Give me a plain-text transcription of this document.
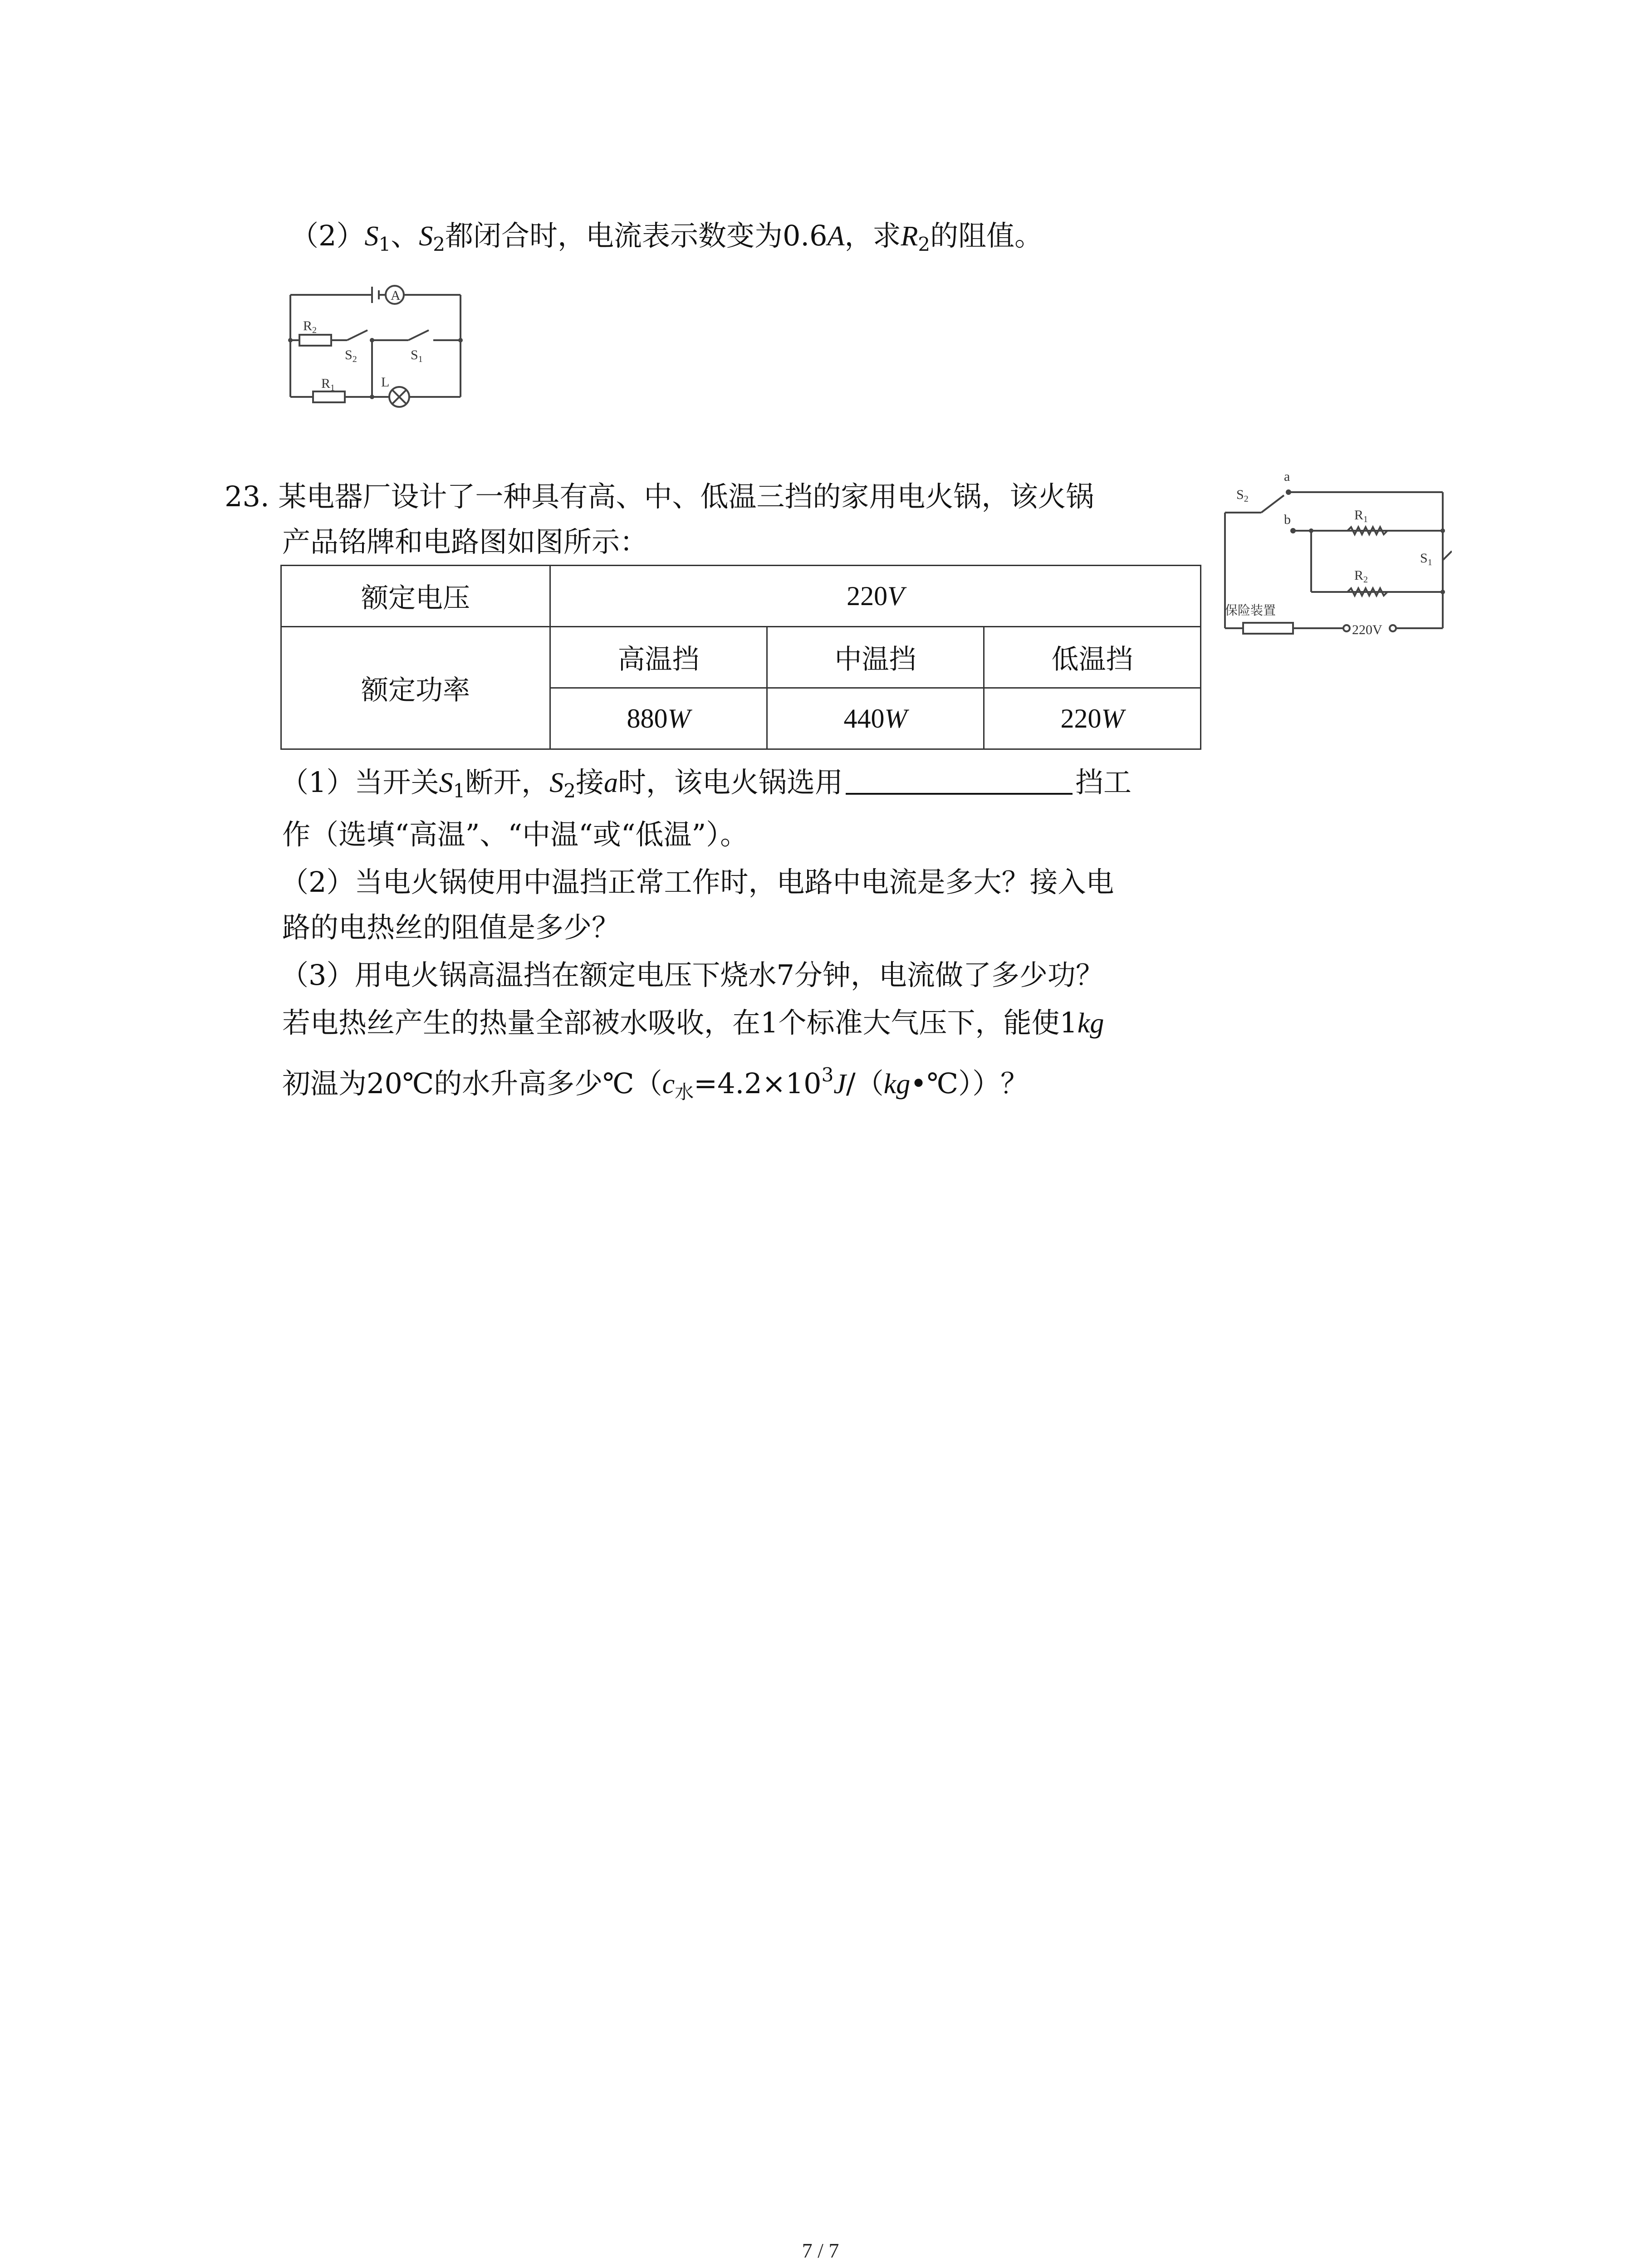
$(2)S_1$、$S_2$都闭合时，电流表示数变为0.6A，求$R_2$的阻值。
A
$R_2$
$S_2$	$S_1$
$R_1$	L
23. 某电器厂设计了一种具有高、中、低温三挡的家用电火锅，该火锅
产品铭牌和电路图如图所示：
额定电压	220V		
额定功率	高温挡	中温挡	低温挡
	880W	440W	220W
$S_2$
a
b	$R_1$
$R_2$
$S_1$
220V
保险装置
（1）当开关$S_1$断开，$S_2$接a时，该电火锅选用	挡工
作（选填“高温”、“中温“或“低温”）。
（2）当电火锅使用中温挡正常工作时，电路中电流是多大？接入电
路的电热丝的阻值是多少？
（3）用电火锅高温挡在额定电压下烧水7分钟，电流做了多少功？
若电热丝产生的热量全部被水吸收，在1个标准大气压下，能使1kg
初温为20℃的水升高多少$℃(c_水=4.2\times 10^3J/(kg•℃))$？
7 / 7
